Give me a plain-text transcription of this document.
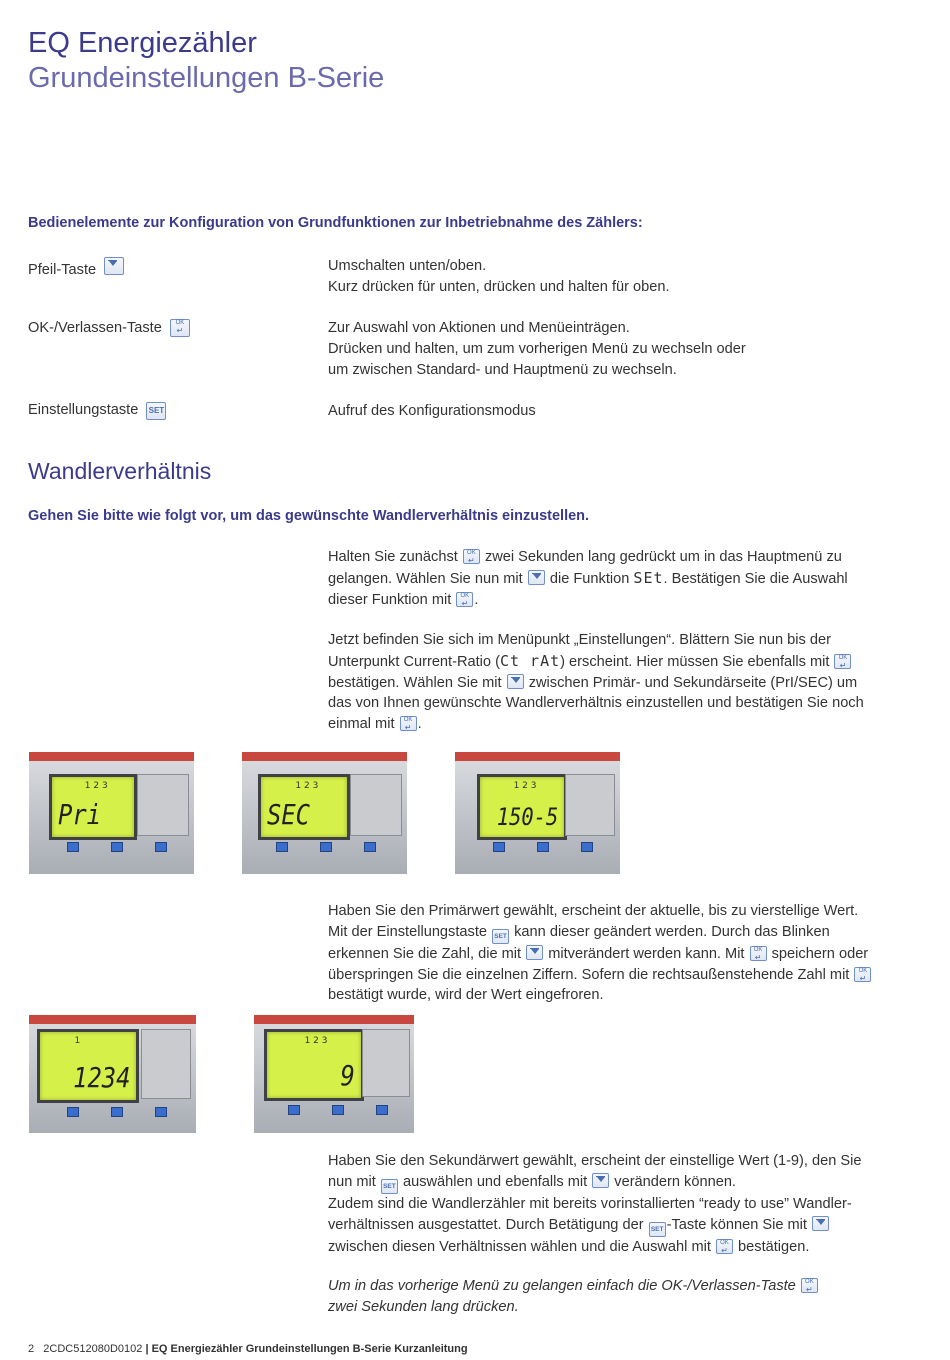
EQ Energiezähler
Grundeinstellungen B-Serie
Bedienelemente zur Konfiguration von Grundfunktionen zur Inbetriebnahme des Zählers:
Pfeil-Taste	Umschalten unten/oben.
Kurz drücken für unten, drücken und halten für oben.
OK-/Verlassen-Taste OK
↵	Zur Auswahl von Aktionen und Menüeinträgen.
Drücken und halten, um zum vorherigen Menü zu wechseln oder
um zwischen Standard- und Hauptmenü zu wechseln.
Einstellungstaste SET	Aufruf des Konfigurationsmodus
Wandlerverhältnis
Gehen Sie bitte wie folgt vor, um das gewünschte Wandlerverhältnis einzustellen.
Halten Sie zunächst OK
↵ zwei Sekunden lang gedrückt um in das Hauptmenü zu
gelangen. Wählen Sie nun mit die Funktion SEt. Bestätigen Sie die Auswahl
dieser Funktion mit OK
↵ .
Jetzt befinden Sie sich im Menüpunkt „Einstellungen“. Blättern Sie nun bis der
Unterpunkt Current-Ratio (Ct rAt) erscheint. Hier müssen Sie ebenfalls mit OK
↵
bestätigen. Wählen Sie mit zwischen Primär- und Sekundärseite (PrI/SEC) um
das von Ihnen gewünschte Wandlerverhältnis einzustellen und bestätigen Sie noch
einmal mit OK
↵ .
1 2 3
Pri
1 2 3
SEC
1 2 3
150-5
Haben Sie den Primärwert gewählt, erscheint der aktuelle, bis zu vierstellige Wert.
Mit der Einstellungstaste SET kann dieser geändert werden. Durch das Blinken
erkennen Sie die Zahl, die mit mitverändert werden kann. Mit OK
↵ speichern oder
überspringen Sie die einzelnen Ziffern. Sofern die rechtsaußenstehende Zahl mit OK
↵
bestätigt wurde, wird der Wert eingefroren.
1
1234
1 2 3
9
Haben Sie den Sekundärwert gewählt, erscheint der einstellige Wert (1-9), den Sie
nun mit SET auswählen und ebenfalls mit verändern können.
Zudem sind die Wandlerzähler mit bereits vorinstallierten “ready to use” Wandler-
verhältnissen ausgestattet. Durch Betätigung der SET -Taste können Sie mit
zwischen diesen Verhältnissen wählen und die Auswahl mit OK
↵ bestätigen.
Um in das vorherige Menü zu gelangen einfach die OK-/Verlassen-Taste OK
↵
zwei Sekunden lang drücken.
2 2CDC512080D0102 | EQ Energiezähler Grundeinstellungen B-Serie Kurzanleitung
